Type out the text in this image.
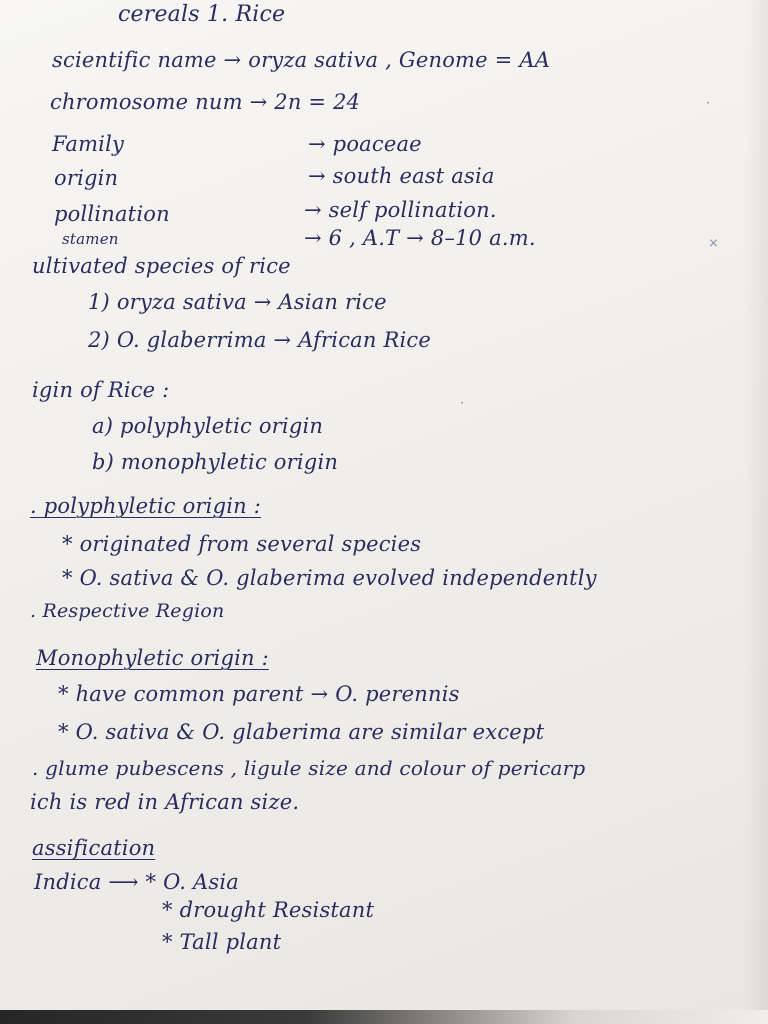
cereals 1. Rice
scientific name → oryza sativa , Genome = AA
chromosome num → 2n = 24
Family	→ poaceae
origin	→ south east asia
pollination	→ self pollination.
stamen	→ 6 , A.T → 8–10 a.m.
ultivated species of rice
1) oryza sativa → Asian rice
2) O. glaberrima → African Rice
igin of Rice :
a) polyphyletic origin
b) monophyletic origin
. polyphyletic origin :
* originated from several species
* O. sativa & O. glaberima evolved independently
. Respective Region
Monophyletic origin :
* have common parent → O. perennis
* O. sativa & O. glaberima are similar except
. glume pubescens , ligule size and colour of pericarp
ich is red in African size.
assification
Indica ⟶ * O. Asia
* drought Resistant
* Tall plant
×
·
·
